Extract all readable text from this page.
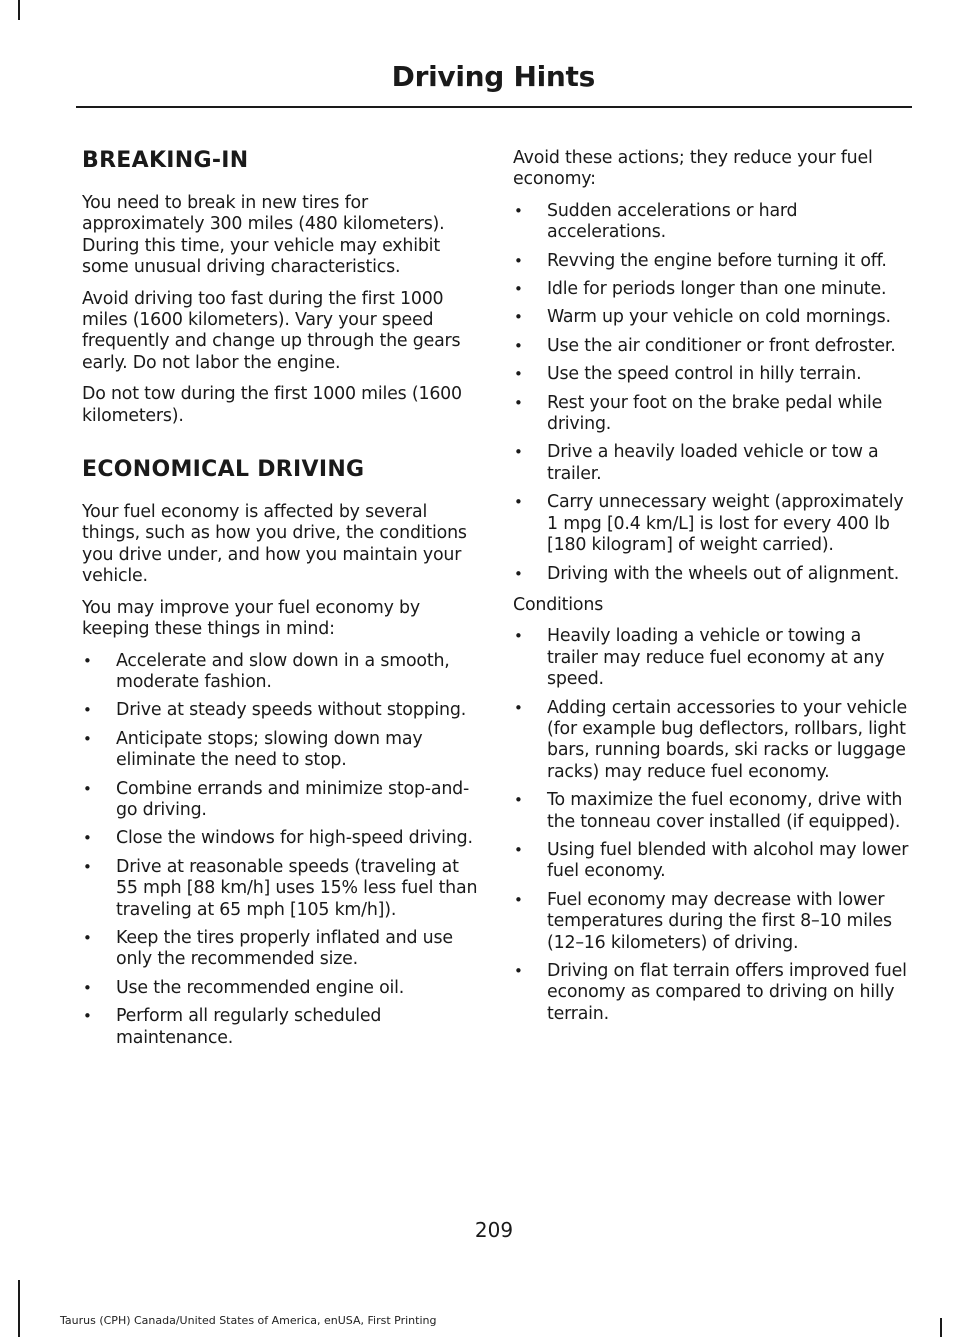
Driving Hints
BREAKING-IN

You need to break in new tires for approximately 300 miles (480 kilometers). During this time, your vehicle may exhibit some unusual driving characteristics.

Avoid driving too fast during the first 1000 miles (1600 kilometers). Vary your speed frequently and change up through the gears early. Do not labor the engine.

Do not tow during the first 1000 miles (1600 kilometers).

ECONOMICAL DRIVING

Your fuel economy is affected by several things, such as how you drive, the conditions you drive under, and how you maintain your vehicle.

You may improve your fuel economy by keeping these things in mind:

• Accelerate and slow down in a smooth, moderate fashion.
• Drive at steady speeds without stopping.
• Anticipate stops; slowing down may eliminate the need to stop.
• Combine errands and minimize stop-and-go driving.
• Close the windows for high-speed driving.
• Drive at reasonable speeds (traveling at 55 mph [88 km/h] uses 15% less fuel than traveling at 65 mph [105 km/h]).
• Keep the tires properly inflated and use only the recommended size.
• Use the recommended engine oil.
• Perform all regularly scheduled maintenance.

Avoid these actions; they reduce your fuel economy:

• Sudden accelerations or hard accelerations.
• Revving the engine before turning it off.
• Idle for periods longer than one minute.
• Warm up your vehicle on cold mornings.
• Use the air conditioner or front defroster.
• Use the speed control in hilly terrain.
• Rest your foot on the brake pedal while driving.
• Drive a heavily loaded vehicle or tow a trailer.
• Carry unnecessary weight (approximately 1 mpg [0.4 km/L] is lost for every 400 lb [180 kilogram] of weight carried).
• Driving with the wheels out of alignment.

Conditions

• Heavily loading a vehicle or towing a trailer may reduce fuel economy at any speed.
• Adding certain accessories to your vehicle (for example bug deflectors, rollbars, light bars, running boards, ski racks or luggage racks) may reduce fuel economy.
• To maximize the fuel economy, drive with the tonneau cover installed (if equipped).
• Using fuel blended with alcohol may lower fuel economy.
• Fuel economy may decrease with lower temperatures during the first 8–10 miles (12–16 kilometers) of driving.
• Driving on flat terrain offers improved fuel economy as compared to driving on hilly terrain.
209
Taurus (CPH) Canada/United States of America, enUSA, First Printing
